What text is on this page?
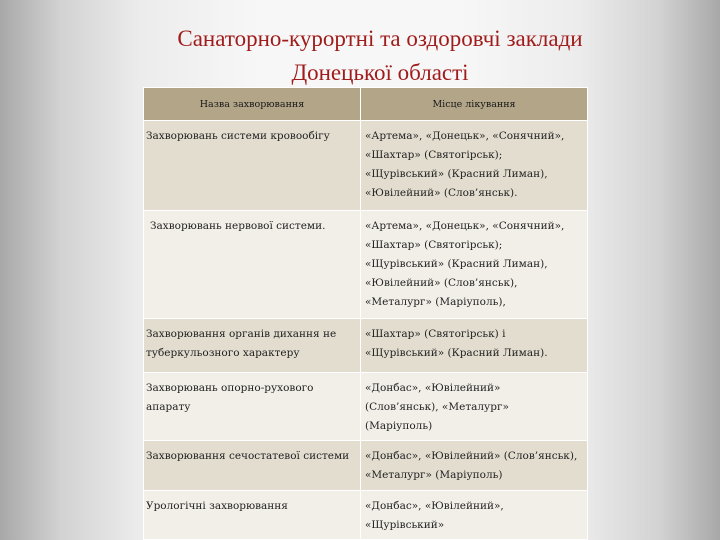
Санаторно-курортні та оздоровчі заклади
Донецької області
Назва захворювання	Місце лікування

Захворювань системи кровообігу	«Артема», «Донецьк», «Сонячний»,
«Шахтар» (Святогірськ);
«Щурівський» (Красний Лиман),
«Ювілейний» (Слов’янськ).

Захворювань нервової системи.	«Артема», «Донецьк», «Сонячний»,
«Шахтар» (Святогірськ);
«Щурівський» (Красний Лиман),
«Ювілейний» (Слов’янськ),
«Металург» (Маріуполь),

Захворювання органів дихання не туберкульозного характеру	«Шахтар» (Святогірськ) і
«Щурівський» (Красний Лиман).

Захворювань опорно-рухового апарату	«Донбас», «Ювілейний»
(Слов’янськ), «Металург»
(Маріуполь)

Захворювання сечостатевої системи	«Донбас», «Ювілейний» (Слов’янськ),
«Металург» (Маріуполь)

Урологічні захворювання	«Донбас», «Ювілейний»,
«Щурівський»
